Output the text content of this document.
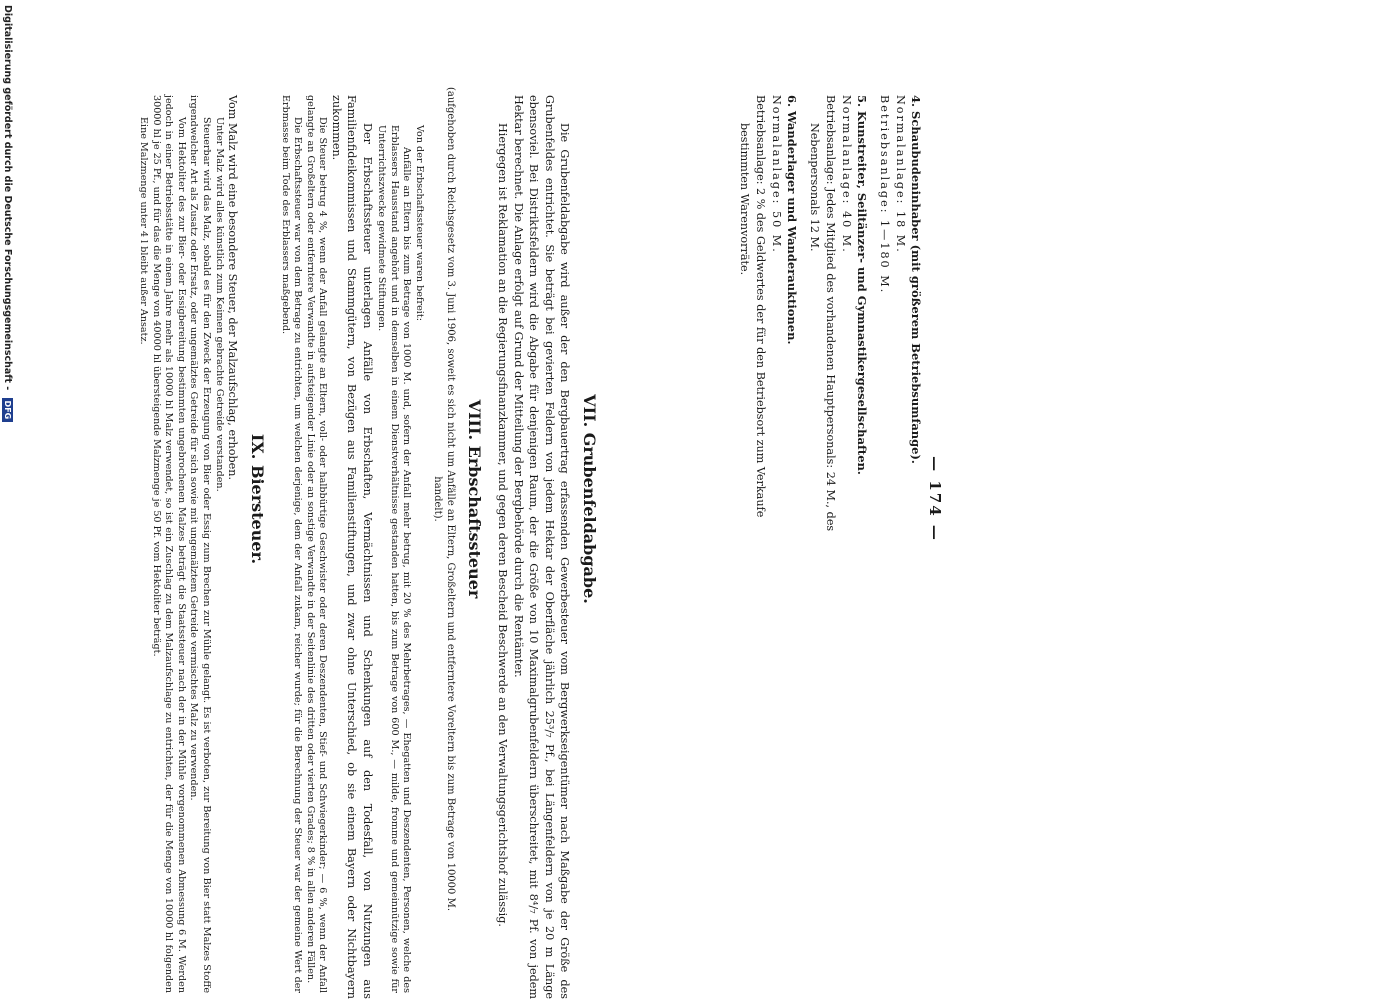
Digitalisierung gefördert durch die Deutsche Forschungsgemeinschaft - DFG
— 174 —
4. Schaubudeninhaber (mit größerem Betriebsumfange).
Normalanlage: 18 M.
Betriebsanlage: 1—180 M.
5. Kunstreiter, Seiltänzer- und Gymnastikergesellschaften.
Normalanlage: 40 M.
Betriebsanlage: Jedes Mitglied des vorhandenen Hauptpersonals: 24 M., des
Nebenpersonals 12 M.
6. Wanderlager und Wanderauktionen.
Normalanlage: 50 M.
Betriebsanlage: 2 % des Geldwertes der für den Betriebsort zum Verkaufe
bestimmten Warenvorräte.
VII. Grubenfeldabgabe.
Die Grubenfeldabgabe wird außer der den Bergbauertrag erfassenden Gewerbesteuer vom Bergwerkseigentümer nach Maßgabe der Größe des Grubenfeldes entrichtet. Sie beträgt bei gevierten Feldern von jedem Hektar der Oberfläche jährlich 25³/₇ Pf., bei Längenfeldern von je 20 m Länge ebensoviel. Bei Distriktsfeldern wird die Abgabe für denjenigen Raum, der die Größe von 10 Maximalgrubenfeldern überschreitet, mit 8⁴/₇ Pf. von jedem Hektar berechnet. Die Anlage erfolgt auf Grund der Mitteilung der Bergbehörde durch die Rentämter.
Hiergegen ist Reklamation an die Regierungsfinanzkammer, und gegen deren Bescheid Beschwerde an den Verwaltungsgerichtshof zulässig.
VIII. Erbschaftssteuer
(aufgehoben durch Reichsgesetz vom 3. Juni 1906, soweit es sich nicht um Anfälle an Eltern, Großeltern und entferntere Voreltern bis zum Betrage von 10000 M. handelt).
Von der Erbschaftssteuer waren befreit:
Anfälle an Eltern bis zum Betrage von 1000 M. und, sofern der Anfall mehr betrug, mit 20 % des Mehrbetrages, — Ehegatten und Deszendenten, Personen, welche des Erblassers Hausstand angehört und in demselben in einem Dienstverhältnisse gestanden hatten, bis zum Betrage von 600 M., — milde, fromme und gemeinnützige sowie für Unterrichtszwecke gewidmete Stiftungen.
Der Erbschaftssteuer unterlagen Anfälle von Erbschaften, Vermächtnissen und Schenkungen auf den Todesfall, von Nutzungen aus Familienfideikommissen und Stammgütern, von Bezügen aus Familienstiftungen, und zwar ohne Unterschied, ob sie einem Bayern oder Nichtbayern zukommen.
Die Steuer betrug 4 %, wenn der Anfall gelangte an Eltern, voll- oder halbbürtige Geschwister oder deren Deszendenten, Stief- und Schwiegerkinder; — 6 %, wenn der Anfall gelangte an Großeltern oder entferntere Verwandte in aufsteigender Linie oder an sonstige Verwandte in der Seitenlinie des dritten oder vierten Grades; 8 % in allen anderen Fällen.
Die Erbschaftssteuer war von dem Betrage zu entrichten, um welchen derjenige, dem der Anfall zukam, reicher wurde; für die Berechnung der Steuer war der gemeine Wert der Erbmasse beim Tode des Erblassers maßgebend.
IX. Biersteuer.
Vom Malz wird eine besondere Steuer, der Malzaufschlag, erhoben.
Unter Malz wird alles künstlich zum Keimen gebrachte Getreide verstanden.
Steuerbar wird das Malz, sobald es für den Zweck der Erzeugung von Bier oder Essig zum Brechen zur Mühle gelangt. Es ist verboten, zur Bereitung von Bier statt Malzes Stoffe irgendwelcher Art als Zusatz oder Ersatz, oder ungemälztes Getreide für sich sowie mit ungemälztem Getreide vermischtes Malz zu verwenden.
Vom Hektoliter des zur Bier- oder Essigbereitung bestimmten ungebrochenen Malzes beträgt die Staatssteuer nach der in der Mühle vorgenommenen Abmessung 6 M. Werden jedoch in einer Betriebsstätte in einem Jahre mehr als 10000 hl Malz verwendet, so ist ein Zuschlag zu dem Malzaufschlage zu entrichten, der für die Menge von 10000 hl folgenden 30000 hl je 25 Pf., und für das die Menge von 40000 hl übersteigende Malzmenge je 50 Pf. vom Hektoliter beträgt.
Eine Malzmenge unter 4 l bleibt außer Ansatz.
